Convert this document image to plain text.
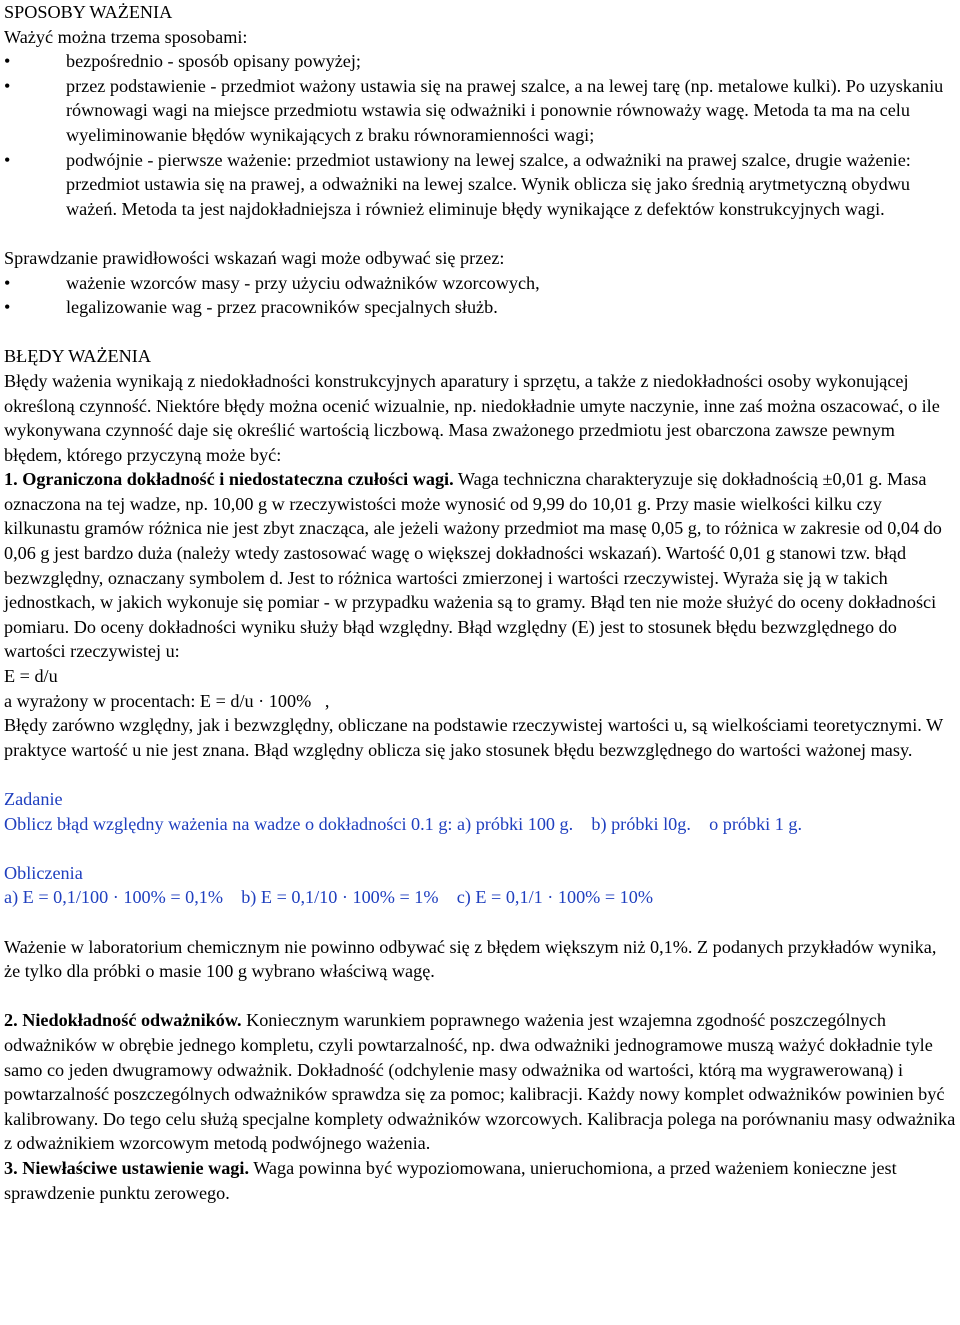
SPOSOBY WAŻENIA

Ważyć można trzema sposobami:

•	bezpośrednio - sposób opisany powyżej;
•	przez podstawienie - przedmiot ważony ustawia się na prawej szalce, a na lewej tarę (np. metalowe kulki). Po uzyskaniu równowagi wagi na miejsce przedmiotu wstawia się odważniki i ponownie równoważy wagę. Metoda ta ma na celu wyeliminowanie błędów wynikających z braku równoramienności wagi;
•	podwójnie - pierwsze ważenie: przedmiot ustawiony na lewej szalce, a odważniki na prawej szalce, drugie ważenie: przedmiot ustawia się na prawej, a odważniki na lewej szalce. Wynik oblicza się jako średnią arytmetyczną obydwu ważeń. Metoda ta jest najdokładniejsza i również eliminuje błędy wynikające z defektów konstrukcyjnych wagi.

Sprawdzanie prawidłowości wskazań wagi może odbywać się przez:

•	ważenie wzorców masy - przy użyciu odważników wzorcowych,
•	legalizowanie wag - przez pracowników specjalnych służb.

BŁĘDY WAŻENIA

Błędy ważenia wynikają z niedokładności konstrukcyjnych aparatury i sprzętu, a także z niedokładności osoby wykonującej określoną czynność. Niektóre błędy można ocenić wizualnie, np. niedokładnie umyte naczynie, inne zaś można oszacować, o ile wykonywana czynność daje się określić wartością liczbową. Masa zważonego przedmiotu jest obarczona zawsze pewnym błędem, którego przyczyną może być:

1. Ograniczona dokładność i niedostateczna czułości wagi. Waga techniczna charakteryzuje się dokładnością ±0,01 g. Masa oznaczona na tej wadze, np. 10,00 g w rzeczywistości może wynosić od 9,99 do 10,01 g. Przy masie wielkości kilku czy kilkunastu gramów różnica nie jest zbyt znacząca, ale jeżeli ważony przedmiot ma masę 0,05 g, to różnica w zakresie od 0,04 do 0,06 g jest bardzo duża (należy wtedy zastosować wagę o większej dokładności wskazań). Wartość 0,01 g stanowi tzw. błąd bezwzględny, oznaczany symbolem d. Jest to różnica wartości zmierzonej i wartości rzeczywistej. Wyraża się ją w takich jednostkach, w jakich wykonuje się pomiar - w przypadku ważenia są to gramy. Błąd ten nie może służyć do oceny dokładności pomiaru. Do oceny dokładności wyniku służy błąd względny. Błąd względny (E) jest to stosunek błędu bezwzględnego do wartości rzeczywistej u:

E = d/u

a wyrażony w procentach: E = d/u · 100%   ,

Błędy zarówno względny, jak i bezwzględny, obliczane na podstawie rzeczywistej wartości u, są wielkościami teoretycznymi. W praktyce wartość u nie jest znana. Błąd względny oblicza się jako stosunek błędu bezwzględnego do wartości ważonej masy.

Zadanie

Oblicz błąd względny ważenia na wadze o dokładności 0.1 g: a) próbki 100 g.    b) próbki l0g.    o próbki 1 g.

Obliczenia

a) E = 0,1/100 · 100% = 0,1%    b) E = 0,1/10 · 100% = 1%    c) E = 0,1/1 · 100% = 10%

Ważenie w laboratorium chemicznym nie powinno odbywać się z błędem większym niż 0,1%. Z podanych przykładów wynika, że tylko dla próbki o masie 100 g wybrano właściwą wagę.

2. Niedokładność odważników. Koniecznym warunkiem poprawnego ważenia jest wzajemna zgodność poszczególnych odważników w obrębie jednego kompletu, czyli powtarzalność, np. dwa odważniki jednogramowe muszą ważyć dokładnie tyle samo co jeden dwugramowy odważnik. Dokładność (odchylenie masy odważnika od wartości, którą ma wygrawerowaną) i powtarzalność poszczególnych odważników sprawdza się za pomoc; kalibracji. Każdy nowy komplet odważników powinien być kalibrowany. Do tego celu służą specjalne komplety odważników wzorcowych. Kalibracja polega na porównaniu masy odważnika z odważnikiem wzorcowym metodą podwójnego ważenia.

3. Niewłaściwe ustawienie wagi. Waga powinna być wypoziomowana, unieruchomiona, a przed ważeniem konieczne jest sprawdzenie punktu zerowego.
